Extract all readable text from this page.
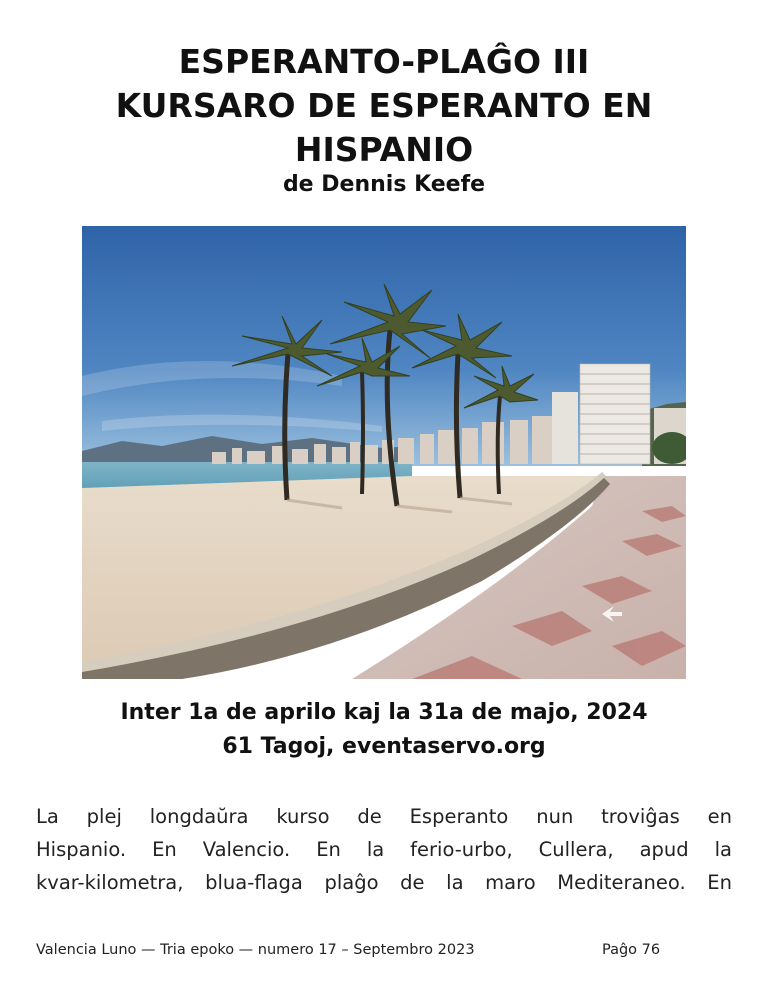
ESPERANTO-PLAĜO III
KURSARO DE ESPERANTO EN
HISPANIO
de Dennis Keefe
Inter 1a de aprilo kaj la 31a de majo, 2024
61 Tagoj, eventaservo.org
La plej longdaŭra kurso de Esperanto nun troviĝas en
Hispanio. En Valencio. En la ferio-urbo, Cullera, apud la
kvar-kilometra, blua-flaga plaĝo de la maro Mediteraneo. En
Valencia Luno — Tria epoko — numero 17 – Septembro 2023	Paĝo 76
